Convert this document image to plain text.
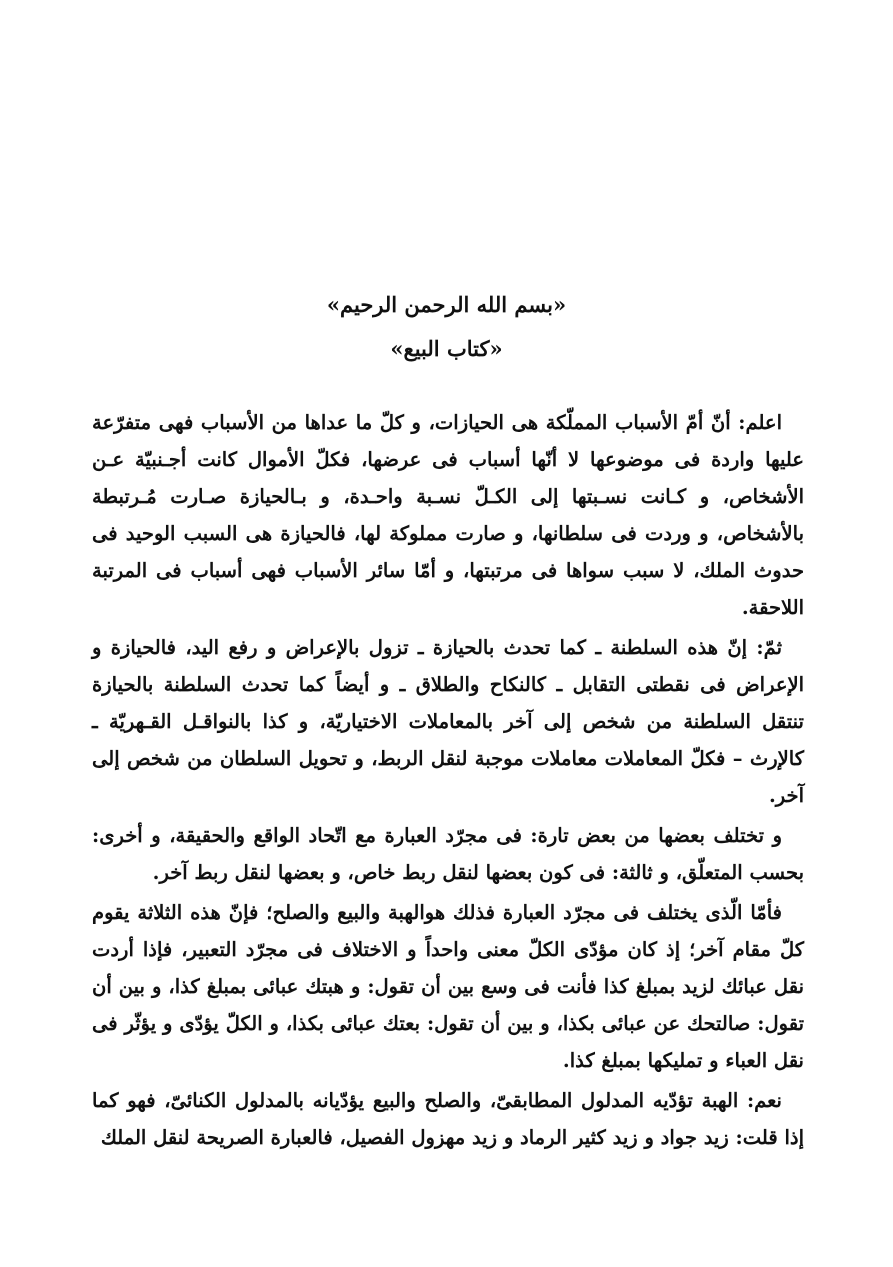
«بسم الله الرحمن الرحيم»
«كتاب البيع»

اعلم: أنّ أمّ الأسباب المملّكة هى الحيازات، و كلّ ما عداها من الأسباب فهى متفرّعة عليها واردة فى موضوعها لا أنّها أسباب فى عرضها، فكلّ الأموال كانت أجـنبيّة عـن الأشخاص، و كـانت نسـبتها إلى الكـلّ نسـبة واحـدة، و بـالحيازة صـارت مُـرتبطة بالأشخاص، و وردت فى سلطانها، و صارت مملوكة لها، فالحيازة هى السبب الوحيد فى حدوث الملك، لا سبب سواها فى مرتبتها، و أمّا سائر الأسباب فهى أسباب فى المرتبة اللاحقة.

ثمّ: إنّ هذه السلطنة ـ كما تحدث بالحيازة ـ تزول بالإعراض و رفع اليد، فالحيازة و الإعراض فى نقطتى التقابل ـ كالنكاح والطلاق ـ و أيضاً كما تحدث السلطنة بالحيازة تنتقل السلطنة من شخص إلى آخر بالمعاملات الاختياريّة، و كذا بالنواقـل القـهريّة ـ كالإرث – فكلّ المعاملات معاملات موجبة لنقل الربط، و تحويل السلطان من شخص إلى آخر.

و تختلف بعضها من بعض تارة: فى مجرّد العبارة مع اتّحاد الواقع والحقيقة، و أخرى: بحسب المتعلّق، و ثالثة: فى كون بعضها لنقل ربط خاص، و بعضها لنقل ربط آخر.

فأمّا الّذى يختلف فى مجرّد العبارة فذلك هوالهبة والبيع والصلح؛ فإنّ هذه الثلاثة يقوم كلّ مقام آخر؛ إذ كان مؤدّى الكلّ معنى واحداً و الاختلاف فى مجرّد التعبير، فإذا أردت نقل عبائك لزيد بمبلغ كذا فأنت فى وسع بين أن تقول: و هبتك عبائى بمبلغ كذا، و بين أن تقول: صالتحك عن عبائى بكذا، و بين أن تقول: بعتك عبائى بكذا، و الكلّ يؤدّى و يؤثّر فى نقل العباء و تمليكها بمبلغ كذا.

نعم: الهبة تؤدّيه المدلول المطابقىّ، والصلح والبيع يؤدّيانه بالمدلول الكنائىّ، فهو كما إذا قلت: زيد جواد و زيد كثير الرماد و زيد مهزول الفصيل، فالعبارة الصريحة لنقل الملك
